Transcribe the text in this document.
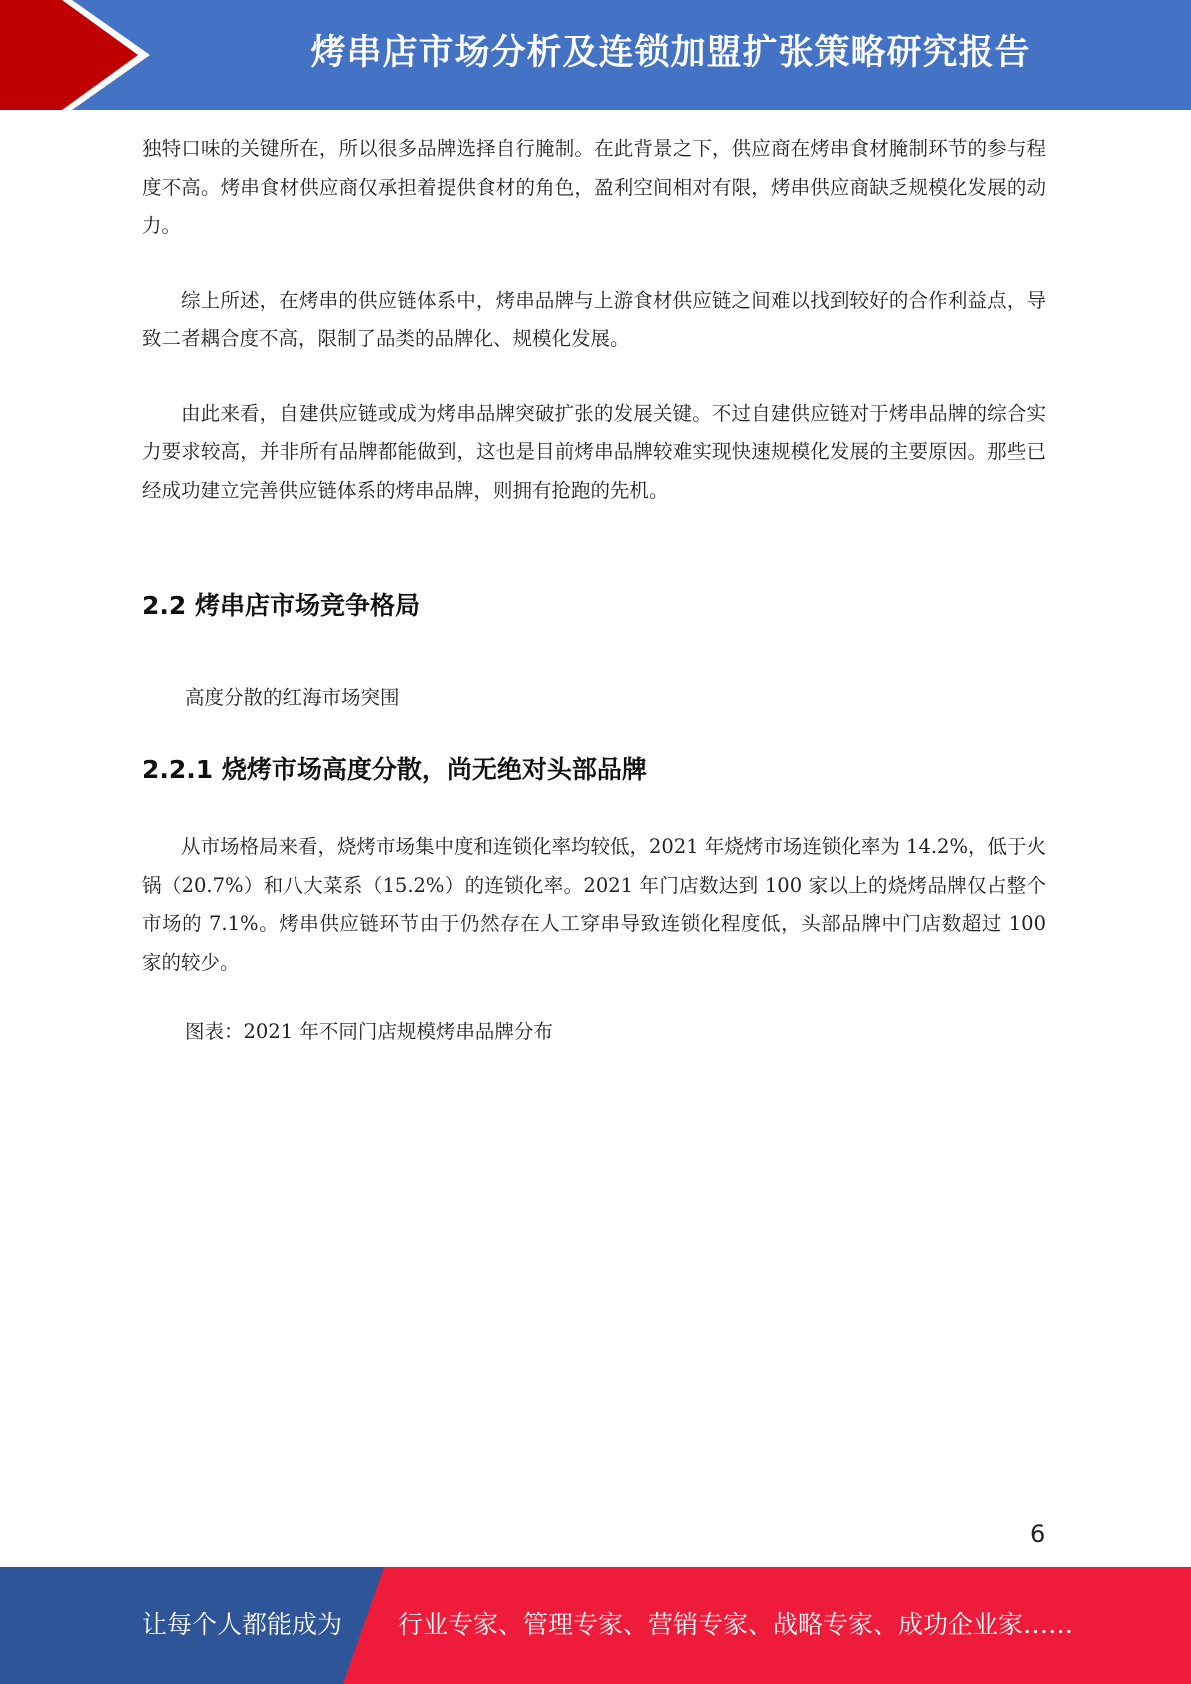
烤串店市场分析及连锁加盟扩张策略研究报告

独特口味的关键所在，所以很多品牌选择自行腌制。在此背景之下，供应商在烤串食材腌制环节的参与程度不高。烤串食材供应商仅承担着提供食材的角色，盈利空间相对有限，烤串供应商缺乏规模化发展的动力。

综上所述，在烤串的供应链体系中，烤串品牌与上游食材供应链之间难以找到较好的合作利益点，导致二者耦合度不高，限制了品类的品牌化、规模化发展。

由此来看，自建供应链或成为烤串品牌突破扩张的发展关键。不过自建供应链对于烤串品牌的综合实力要求较高，并非所有品牌都能做到，这也是目前烤串品牌较难实现快速规模化发展的主要原因。那些已经成功建立完善供应链体系的烤串品牌，则拥有抢跑的先机。

2.2 烤串店市场竞争格局

高度分散的红海市场突围

2.2.1 烧烤市场高度分散，尚无绝对头部品牌

从市场格局来看，烧烤市场集中度和连锁化率均较低，2021 年烧烤市场连锁化率为 14.2%，低于火锅（20.7%）和八大菜系（15.2%）的连锁化率。2021 年门店数达到 100 家以上的烧烤品牌仅占整个市场的 7.1%。烤串供应链环节由于仍然存在人工穿串导致连锁化程度低，头部品牌中门店数超过 100 家的较少。

图表：2021 年不同门店规模烤串品牌分布

6
让每个人都能成为 行业专家、管理专家、营销专家、战略专家、成功企业家……
